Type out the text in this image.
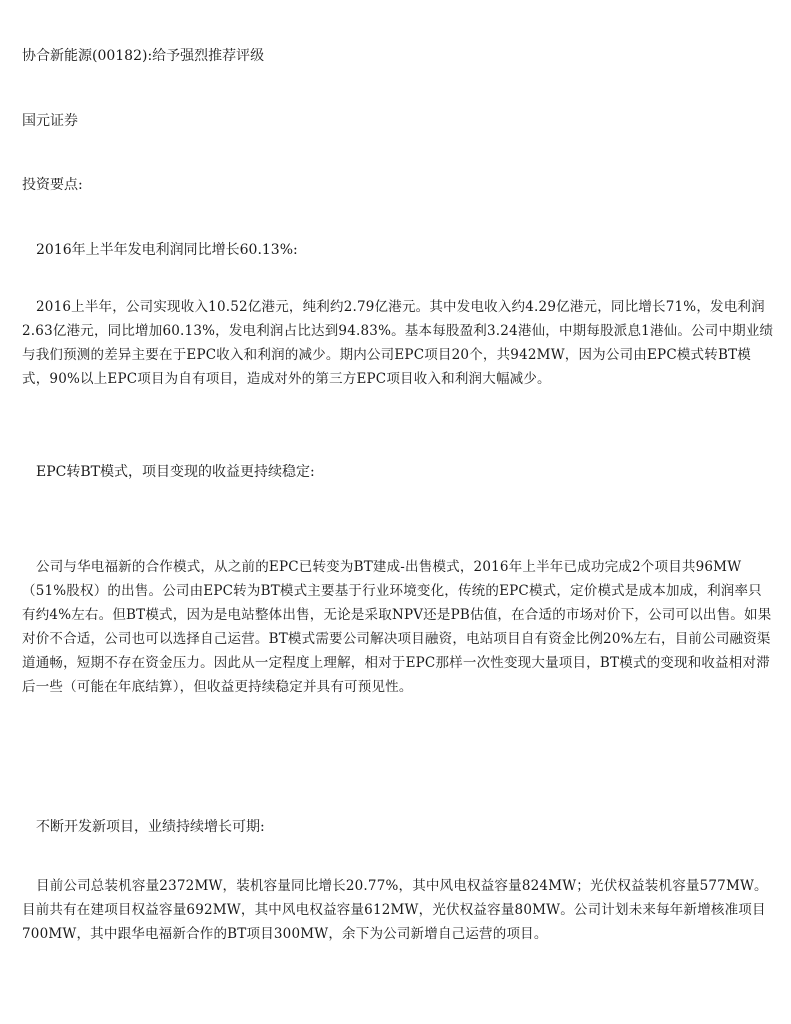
协合新能源(00182):给予强烈推荐评级

国元证券

投资要点:

2016年上半年发电利润同比增长60.13%:

2016上半年，公司实现收入10.52亿港元，纯利约2.79亿港元。其中发电收入约4.29亿港元，同比增长71%，发电利润2.63亿港元，同比增加60.13%，发电利润占比达到94.83%。基本每股盈利3.24港仙，中期每股派息1港仙。公司中期业绩与我们预测的差异主要在于EPC收入和利润的减少。期内公司EPC项目20个，共942MW，因为公司由EPC模式转BT模式，90%以上EPC项目为自有项目，造成对外的第三方EPC项目收入和利润大幅减少。

EPC转BT模式，项目变现的收益更持续稳定:

公司与华电福新的合作模式，从之前的EPC已转变为BT建成-出售模式，2016年上半年已成功完成2个项目共96MW（51%股权）的出售。公司由EPC转为BT模式主要基于行业环境变化，传统的EPC模式，定价模式是成本加成，利润率只有约4%左右。但BT模式，因为是电站整体出售，无论是采取NPV还是PB估值，在合适的市场对价下，公司可以出售。如果对价不合适，公司也可以选择自己运营。BT模式需要公司解决项目融资，电站项目自有资金比例20%左右，目前公司融资渠道通畅，短期不存在资金压力。因此从一定程度上理解，相对于EPC那样一次性变现大量项目，BT模式的变现和收益相对滞后一些（可能在年底结算），但收益更持续稳定并具有可预见性。

不断开发新项目，业绩持续增长可期:

目前公司总装机容量2372MW，装机容量同比增长20.77%，其中风电权益容量824MW；光伏权益装机容量577MW。目前共有在建项目权益容量692MW，其中风电权益容量612MW，光伏权益容量80MW。公司计划未来每年新增核准项目700MW，其中跟华电福新合作的BT项目300MW，余下为公司新增自己运营的项目。
